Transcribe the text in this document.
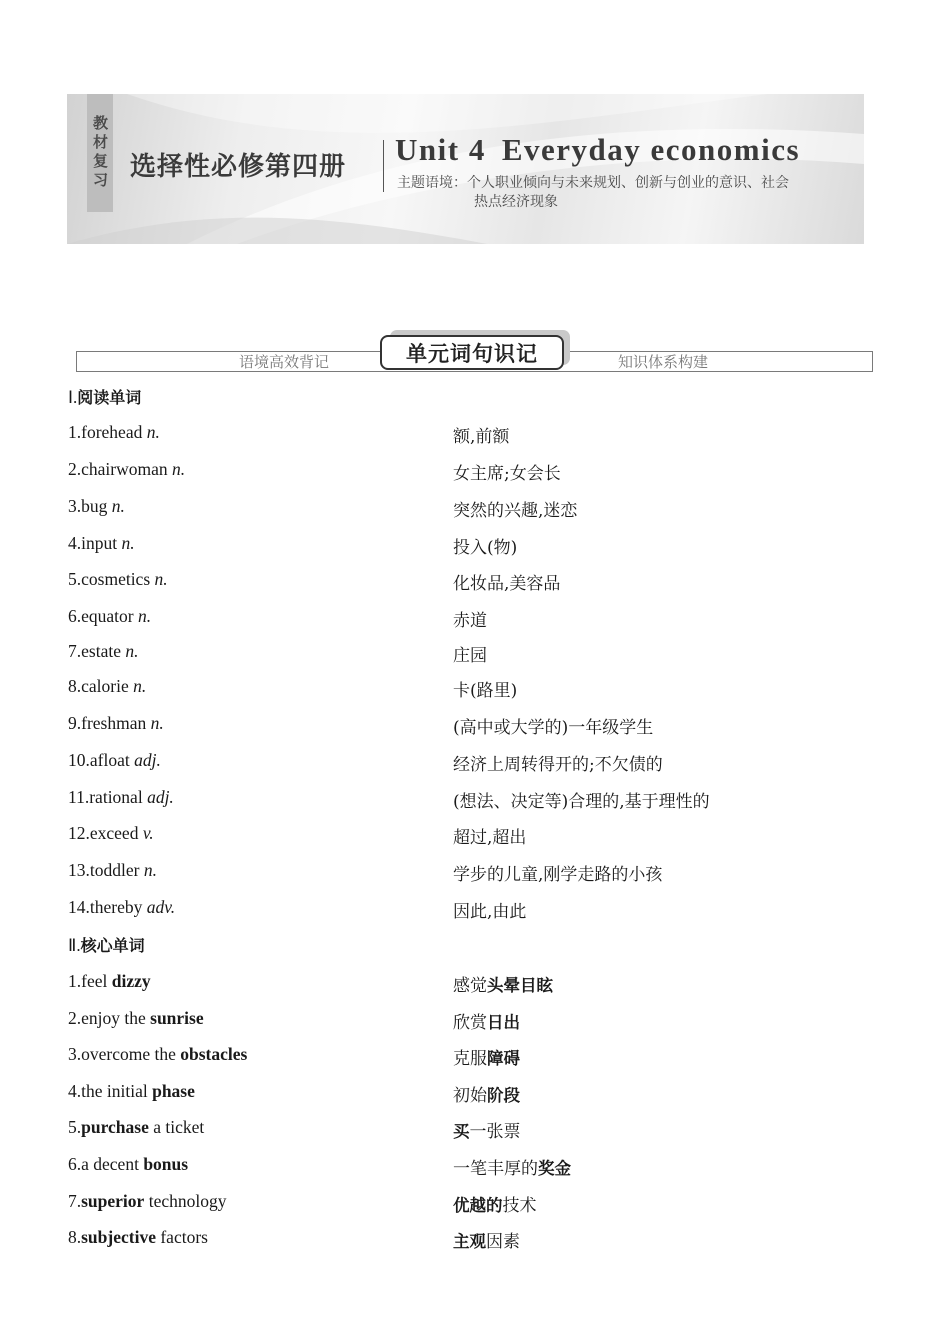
教材复习 选择性必修第四册 Unit 4 Everyday economics
主题语境：个人职业倾向与未来规划、创新与创业的意识、社会
热点经济现象
语境高效背记	知识体系构建
单元词句识记
Ⅰ.阅读单词
1.forehead n.	额,前额
2.chairwoman n.	女主席;女会长
3.bug n.	突然的兴趣,迷恋
4.input n.	投入(物)
5.cosmetics n.	化妆品,美容品
6.equator n.	赤道
7.estate n.	庄园
8.calorie n.	卡(路里)
9.freshman n.	(高中或大学的)一年级学生
10.afloat adj.	经济上周转得开的;不欠债的
11.rational adj.	(想法、决定等)合理的,基于理性的
12.exceed v.	超过,超出
13.toddler n.	学步的儿童,刚学走路的小孩
14.thereby adv.	因此,由此
Ⅱ.核心单词
1.feel dizzy	感觉头晕目眩
2.enjoy the sunrise	欣赏日出
3.overcome the obstacles	克服障碍
4.the initial phase	初始阶段
5.purchase a ticket	买一张票
6.a decent bonus	一笔丰厚的奖金
7.superior technology	优越的技术
8.subjective factors	主观因素
